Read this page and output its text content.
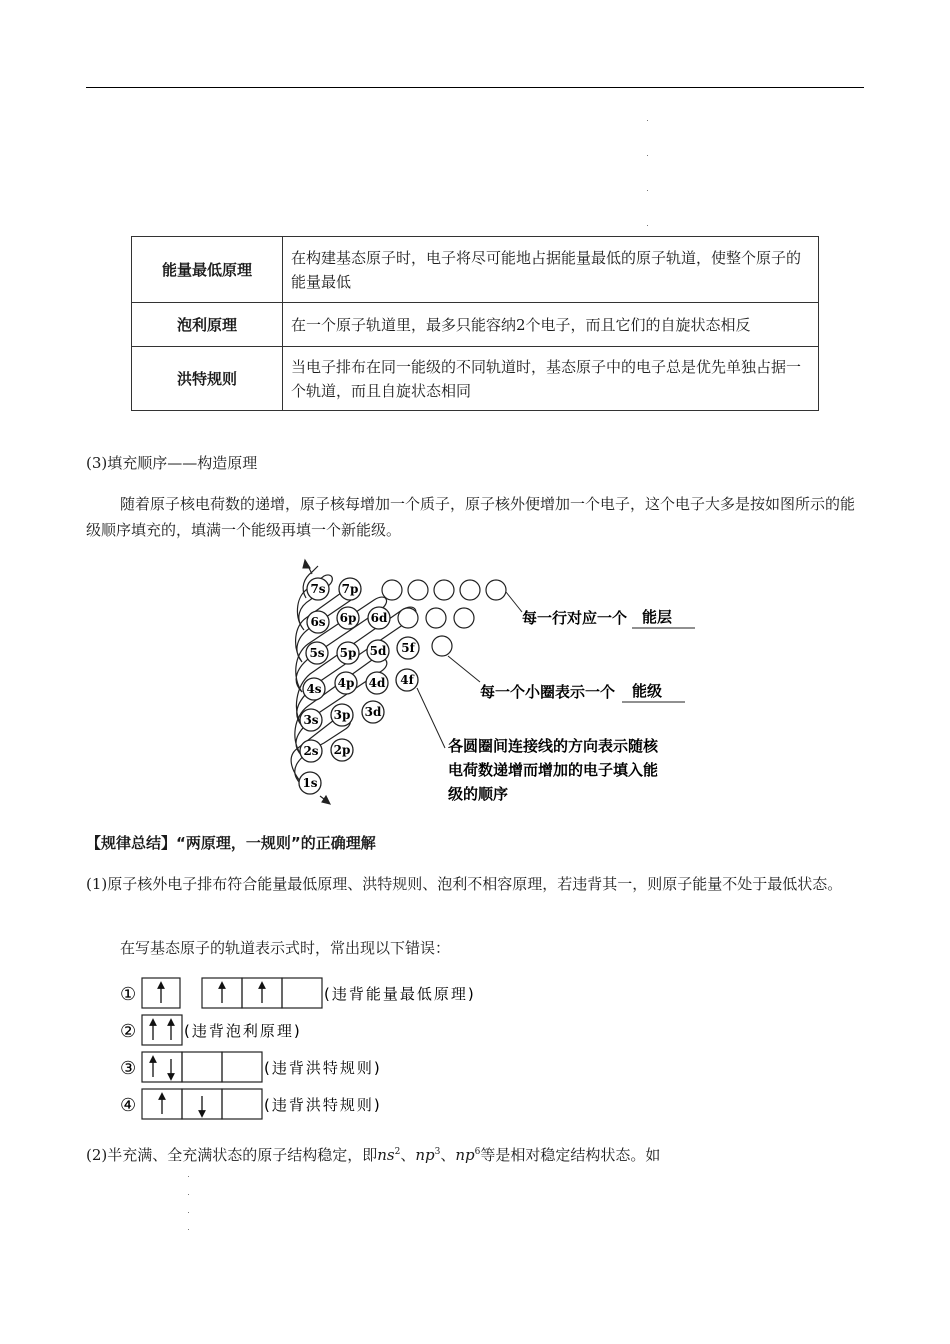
能量最低原理	在构建基态原子时，电子将尽可能地占据能量最低的原子轨道，使整个原子的能量最低
泡利原理	在一个原子轨道里，最多只能容纳2个电子，而且它们的自旋状态相反
洪特规则	当电子排布在同一能级的不同轨道时，基态原子中的电子总是优先单独占据一个轨道，而且自旋状态相同

(3)填充顺序——构造原理

随着原子核电荷数的递增，原子核每增加一个质子，原子核外便增加一个电子，这个电子大多是按如图所示的能级顺序填充的，填满一个能级再填一个新能级。

7s 7p
6s 6p 6d
5s 5p 5d 5f
4s 4p 4d 4f
3s 3p 3d
2s 2p
1s
每一行对应一个 能层
每一个小圈表示一个 能级
各圆圈间连接线的方向表示随核
电荷数递增而增加的电子填入能
级的顺序

【规律总结】“两原理，一规则”的正确理解

(1)原子核外电子排布符合能量最低原理、洪特规则、泡利不相容原理，若违背其一，则原子能量不处于最低状态。

在写基态原子的轨道表示式时，常出现以下错误：

①	(违背能量最低原理)
②	(违背泡利原理)
③	(违背洪特规则)
④	(违背洪特规则)

(2)半充满、全充满状态的原子结构稳定，即$ns^2$、$np^3$、$np^6$等是相对稳定结构状态。如
